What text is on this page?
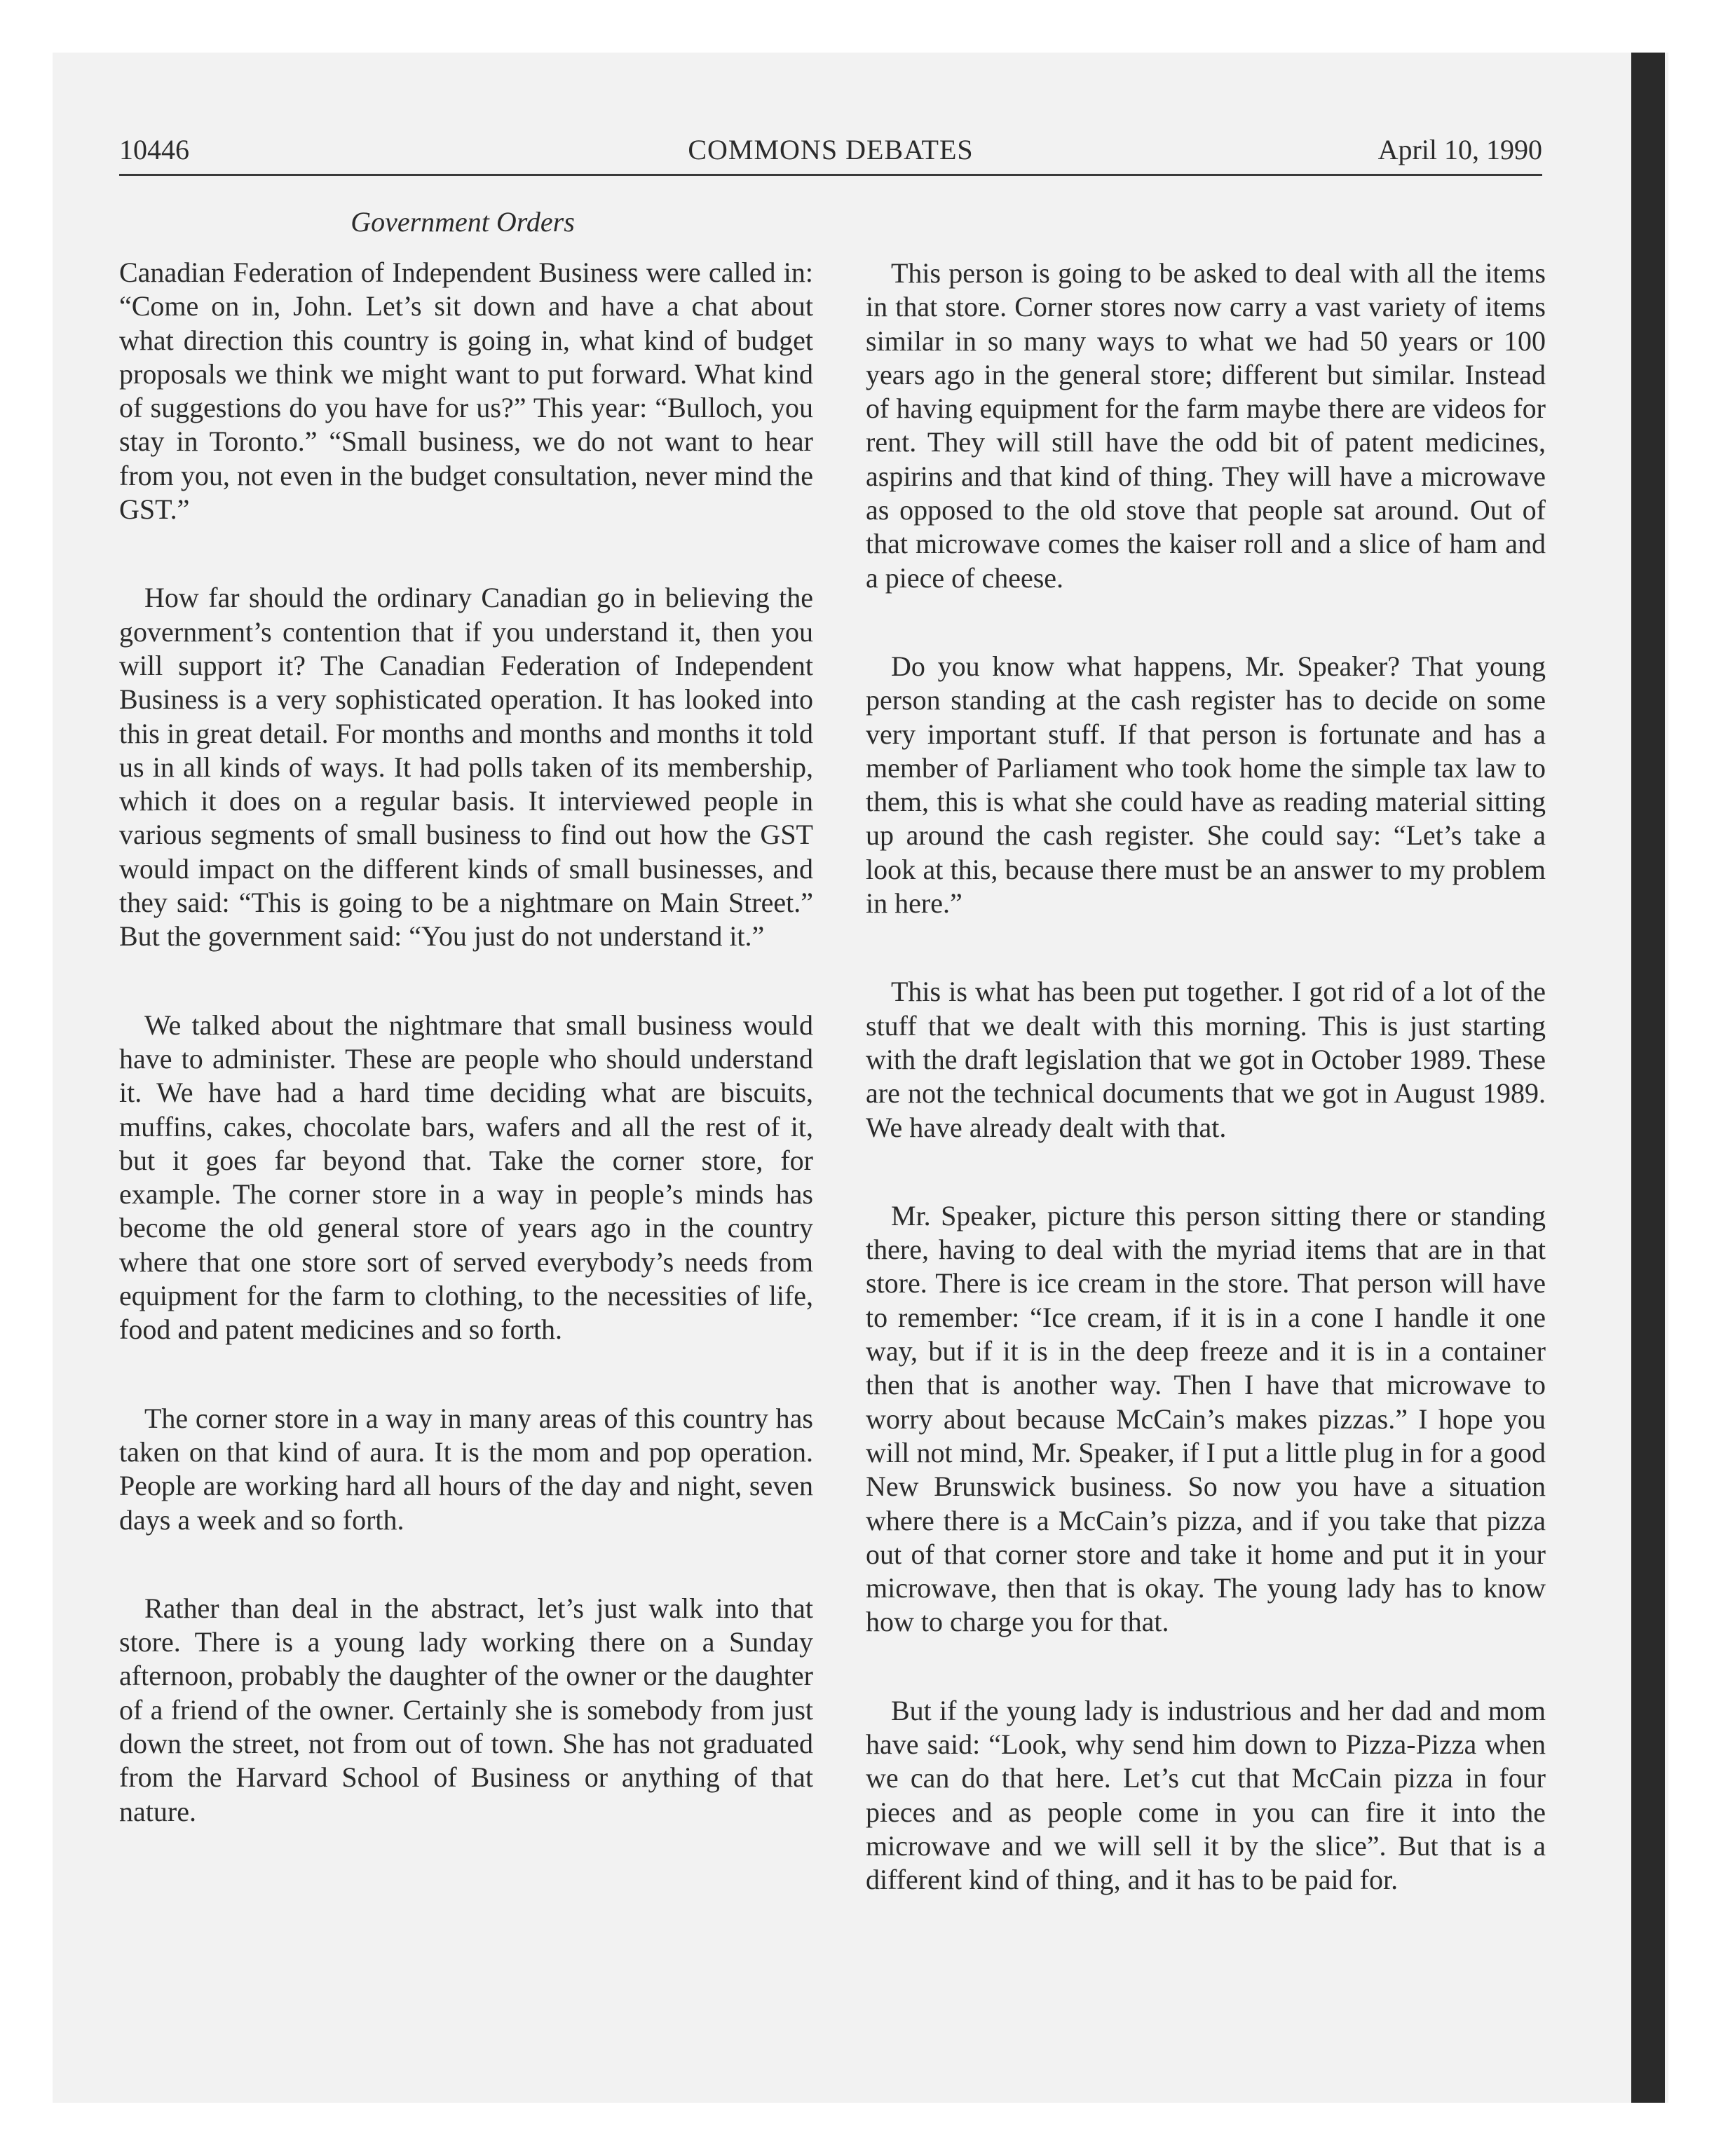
10446	COMMONS DEBATES	April 10, 1990
Government Orders

Canadian Federation of Independent Business were called in: “Come on in, John. Let’s sit down and have a chat about what direction this country is going in, what kind of budget proposals we think we might want to put forward. What kind of suggestions do you have for us?” This year: “Bulloch, you stay in Toronto.” “Small business, we do not want to hear from you, not even in the budget consultation, never mind the GST.”

How far should the ordinary Canadian go in believing the government’s contention that if you understand it, then you will support it? The Canadian Federation of Independent Business is a very sophisticated operation. It has looked into this in great detail. For months and months and months it told us in all kinds of ways. It had polls taken of its membership, which it does on a regular basis. It interviewed people in various segments of small business to find out how the GST would impact on the different kinds of small businesses, and they said: “This is going to be a nightmare on Main Street.” But the government said: “You just do not understand it.”

We talked about the nightmare that small business would have to administer. These are people who should understand it. We have had a hard time deciding what are biscuits, muffins, cakes, chocolate bars, wafers and all the rest of it, but it goes far beyond that. Take the corner store, for example. The corner store in a way in people’s minds has become the old general store of years ago in the country where that one store sort of served everybody’s needs from equipment for the farm to clothing, to the necessities of life, food and patent medicines and so forth.

The corner store in a way in many areas of this country has taken on that kind of aura. It is the mom and pop operation. People are working hard all hours of the day and night, seven days a week and so forth.

Rather than deal in the abstract, let’s just walk into that store. There is a young lady working there on a Sunday afternoon, probably the daughter of the owner or the daughter of a friend of the owner. Certainly she is somebody from just down the street, not from out of town. She has not graduated from the Harvard School of Business or anything of that nature.

This person is going to be asked to deal with all the items in that store. Corner stores now carry a vast variety of items similar in so many ways to what we had 50 years or 100 years ago in the general store; different but similar. Instead of having equipment for the farm maybe there are videos for rent. They will still have the odd bit of patent medicines, aspirins and that kind of thing. They will have a microwave as opposed to the old stove that people sat around. Out of that microwave comes the kaiser roll and a slice of ham and a piece of cheese.

Do you know what happens, Mr. Speaker? That young person standing at the cash register has to decide on some very important stuff. If that person is fortunate and has a member of Parliament who took home the simple tax law to them, this is what she could have as reading material sitting up around the cash register. She could say: “Let’s take a look at this, because there must be an answer to my problem in here.”

This is what has been put together. I got rid of a lot of the stuff that we dealt with this morning. This is just starting with the draft legislation that we got in October 1989. These are not the technical documents that we got in August 1989. We have already dealt with that.

Mr. Speaker, picture this person sitting there or standing there, having to deal with the myriad items that are in that store. There is ice cream in the store. That person will have to remember: “Ice cream, if it is in a cone I handle it one way, but if it is in the deep freeze and it is in a container then that is another way. Then I have that microwave to worry about because McCain’s makes pizzas.” I hope you will not mind, Mr. Speaker, if I put a little plug in for a good New Brunswick business. So now you have a situation where there is a McCain’s pizza, and if you take that pizza out of that corner store and take it home and put it in your microwave, then that is okay. The young lady has to know how to charge you for that.

But if the young lady is industrious and her dad and mom have said: “Look, why send him down to Pizza-Pizza when we can do that here. Let’s cut that McCain pizza in four pieces and as people come in you can fire it into the microwave and we will sell it by the slice”. But that is a different kind of thing, and it has to be paid for.
